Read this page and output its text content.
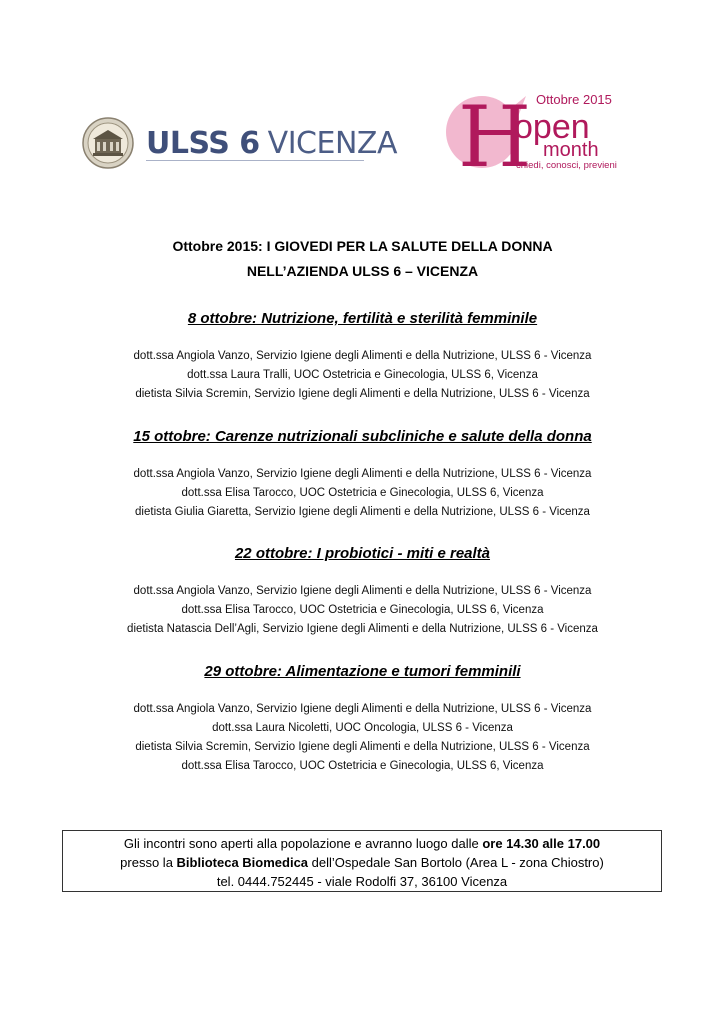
ULSS 6 VICENZA H Ottobre 2015
open
month
chiedi, conosci, previeni
Ottobre 2015: I GIOVEDI PER LA SALUTE DELLA DONNA
NELL’AZIENDA ULSS 6 – VICENZA

8 ottobre: Nutrizione, fertilità e sterilità femminile

dott.ssa Angiola Vanzo, Servizio Igiene degli Alimenti e della Nutrizione, ULSS 6 - Vicenza
dott.ssa Laura Tralli, UOC Ostetricia e Ginecologia, ULSS 6, Vicenza
dietista Silvia Scremin, Servizio Igiene degli Alimenti e della Nutrizione, ULSS 6 - Vicenza

15 ottobre: Carenze nutrizionali subcliniche e salute della donna

dott.ssa Angiola Vanzo, Servizio Igiene degli Alimenti e della Nutrizione, ULSS 6 - Vicenza
dott.ssa Elisa Tarocco, UOC Ostetricia e Ginecologia, ULSS 6, Vicenza
dietista Giulia Giaretta, Servizio Igiene degli Alimenti e della Nutrizione, ULSS 6 - Vicenza

22 ottobre: I probiotici - miti e realtà

dott.ssa Angiola Vanzo, Servizio Igiene degli Alimenti e della Nutrizione, ULSS 6 - Vicenza
dott.ssa Elisa Tarocco, UOC Ostetricia e Ginecologia, ULSS 6, Vicenza
dietista Natascia Dell’Agli, Servizio Igiene degli Alimenti e della Nutrizione, ULSS 6 - Vicenza

29 ottobre: Alimentazione e tumori femminili

dott.ssa Angiola Vanzo, Servizio Igiene degli Alimenti e della Nutrizione, ULSS 6 - Vicenza
dott.ssa Laura Nicoletti, UOC Oncologia, ULSS 6 - Vicenza
dietista Silvia Scremin, Servizio Igiene degli Alimenti e della Nutrizione, ULSS 6 - Vicenza
dott.ssa Elisa Tarocco, UOC Ostetricia e Ginecologia, ULSS 6, Vicenza
Gli incontri sono aperti alla popolazione e avranno luogo dalle ore 14.30 alle 17.00
presso la Biblioteca Biomedica dell’Ospedale San Bortolo (Area L - zona Chiostro)
tel. 0444.752445 - viale Rodolfi 37, 36100 Vicenza
